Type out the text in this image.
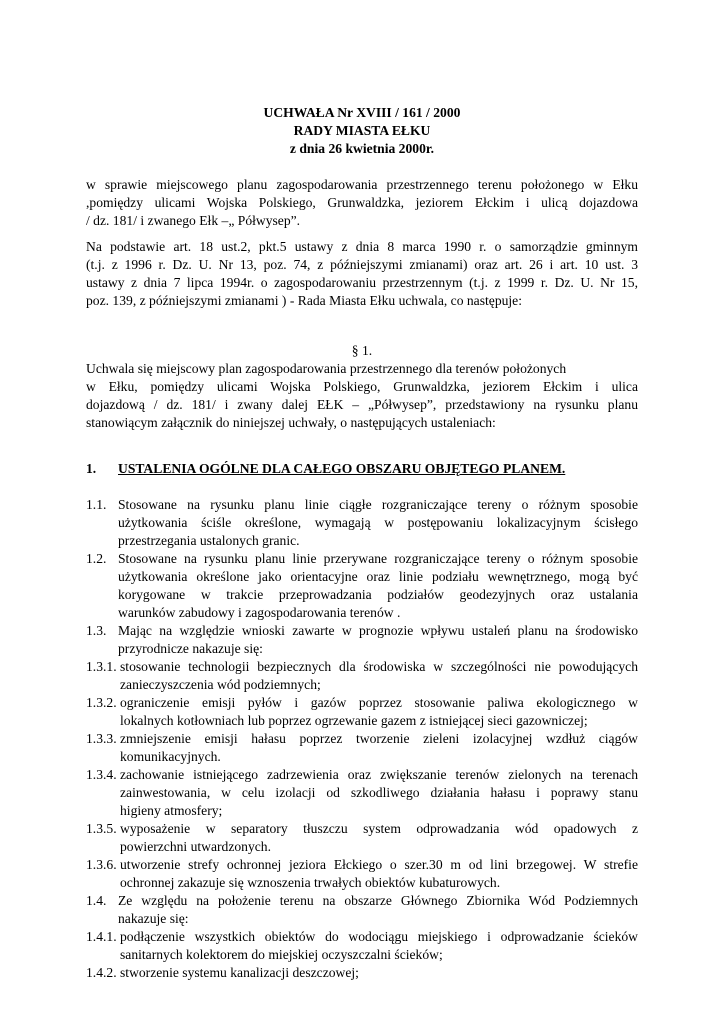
UCHWAŁA Nr XVIII / 161 / 2000
RADY MIASTA EŁKU
z dnia 26 kwietnia 2000r.
w sprawie miejscowego planu zagospodarowania przestrzennego terenu położonego w Ełku
,pomiędzy ulicami Wojska Polskiego, Grunwaldzka, jeziorem Ełckim i ulicą dojazdowa
/ dz. 181/ i zwanego Ełk –„ Półwysep”.
Na podstawie art. 18 ust.2, pkt.5 ustawy z dnia 8 marca 1990 r. o samorządzie gminnym
(t.j. z 1996 r. Dz. U. Nr 13, poz. 74, z późniejszymi zmianami) oraz art. 26 i art. 10 ust. 3
ustawy z dnia 7 lipca 1994r. o zagospodarowaniu przestrzennym (t.j. z 1999 r. Dz. U. Nr 15,
poz. 139, z późniejszymi zmianami ) - Rada Miasta Ełku uchwala, co następuje:
§ 1.
Uchwala się miejscowy plan zagospodarowania przestrzennego dla terenów położonych
w Ełku, pomiędzy ulicami Wojska Polskiego, Grunwaldzka, jeziorem Ełckim i ulica
dojazdową / dz. 181/ i zwany dalej EŁK – „Półwysep”, przedstawiony na rysunku planu
stanowiącym załącznik do niniejszej uchwały, o następujących ustaleniach:
1. USTALENIA OGÓLNE DLA CAŁEGO OBSZARU OBJĘTEGO PLANEM.
1.1. Stosowane na rysunku planu linie ciągłe rozgraniczające tereny o różnym sposobie
użytkowania ściśle określone, wymagają w postępowaniu lokalizacyjnym ścisłego
przestrzegania ustalonych granic.
1.2. Stosowane na rysunku planu linie przerywane rozgraniczające tereny o różnym sposobie
użytkowania określone jako orientacyjne oraz linie podziału wewnętrznego, mogą być
korygowane w trakcie przeprowadzania podziałów geodezyjnych oraz ustalania
warunków zabudowy i zagospodarowania terenów .
1.3. Mając na względzie wnioski zawarte w prognozie wpływu ustaleń planu na środowisko
przyrodnicze nakazuje się:
1.3.1. stosowanie technologii bezpiecznych dla środowiska w szczególności nie powodujących
zanieczyszczenia wód podziemnych;
1.3.2. ograniczenie emisji pyłów i gazów poprzez stosowanie paliwa ekologicznego w
lokalnych kotłowniach lub poprzez ogrzewanie gazem z istniejącej sieci gazowniczej;
1.3.3. zmniejszenie emisji hałasu poprzez tworzenie zieleni izolacyjnej wzdłuż ciągów
komunikacyjnych.
1.3.4. zachowanie istniejącego zadrzewienia oraz zwiększanie terenów zielonych na terenach
zainwestowania, w celu izolacji od szkodliwego działania hałasu i poprawy stanu
higieny atmosfery;
1.3.5. wyposażenie w separatory tłuszczu system odprowadzania wód opadowych z
powierzchni utwardzonych.
1.3.6. utworzenie strefy ochronnej jeziora Ełckiego o szer.30 m od lini brzegowej. W strefie
ochronnej zakazuje się wznoszenia trwałych obiektów kubaturowych.
1.4. Ze względu na położenie terenu na obszarze Głównego Zbiornika Wód Podziemnych
nakazuje się:
1.4.1. podłączenie wszystkich obiektów do wodociągu miejskiego i odprowadzanie ścieków
sanitarnych kolektorem do miejskiej oczyszczalni ścieków;
1.4.2. stworzenie systemu kanalizacji deszczowej;
